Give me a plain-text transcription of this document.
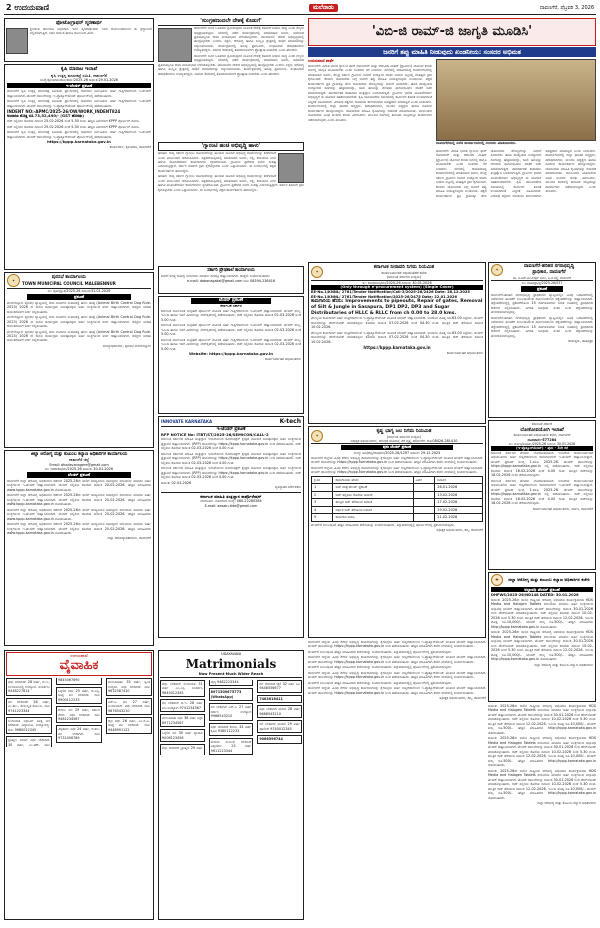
2 ಉದಯವಾಣಿ	ಮಲೆನಾಡು	ದಾವಣಗೆರೆ, ಫೆಬ್ರವರಿ 3, 2026
ಫೋಟೋಗ್ರಾಫರ್‌ ಸ್ಮರಣಾರ್ಥ

ಶ್ರೀಯುತ ಚಿರಂಜೀವಿ ನಿಧನರಾದ ಇವರ ಸ್ಮರಣಾರ್ಥವಾಗಿ ಇವರ ಕುಟುಂಬದವರಿಂದ ಈ ಶ್ರದ್ಧಾಂಜಲಿ ಸಲ್ಲಿಸಲಾಗುತ್ತಿದೆ. ನಿಧನ ದಿನಾಂಕ ಹಾಗೂ ಕುಟುಂಬದ ವಿವರ.

ಕೃಷಿ ಮಾರಾಟ ಇಲಾಖೆ
ಕೃಷಿ ಉತ್ಪನ್ನ ಮಾರುಕಟ್ಟೆ ಸಮಿತಿ, ದಾವಣಗೆರೆ
ಸಂಖ್ಯೆ:ಕೃಉಮಾಸ:ದಾವ:ಕಾಮ:2025-26 ದಿನಾಂಕ:29.01.2026
ಇ-ಟೆಂಡರ್ ಪ್ರಕಟಣೆ

ದಾವಣಗೆರೆ ಕೃಷಿ ಉತ್ಪನ್ನ ಮಾರುಕಟ್ಟೆ ಸಮಿತಿಯ ಪ್ರಾಂಗಣದಲ್ಲಿ ಕಾಮಗಾರಿ ನಿರ್ವಹಿಸಲು ಅರ್ಹ ಗುತ್ತಿಗೆದಾರರಿಂದ ಇ-ಟೆಂಡರ್ ಆಹ್ವಾನಿಸಲಾಗಿದೆ. ಟೆಂಡರ್ ದಾಖಲೆಗಳನ್ನು ಇ-ಪ್ರೊಕ್ಯೂರ್‌ಮೆಂಟ್ ಪೋರ್ಟಲ್‌ನಲ್ಲಿ ಪಡೆಯಬಹುದು.

ದಾವಣಗೆರೆ ಕೃಷಿ ಉತ್ಪನ್ನ ಮಾರುಕಟ್ಟೆ ಸಮಿತಿಯ ಪ್ರಾಂಗಣದಲ್ಲಿ ಕಾಮಗಾರಿ ನಿರ್ವಹಿಸಲು ಅರ್ಹ ಗುತ್ತಿಗೆದಾರರಿಂದ ಇ-ಟೆಂಡರ್ ಆಹ್ವಾನಿಸಲಾಗಿದೆ. ಟೆಂಡರ್ ದಾಖಲೆಗಳನ್ನು ಇ-ಪ್ರೊಕ್ಯೂರ್‌ಮೆಂಟ್ ಪೋರ್ಟಲ್‌ನಲ್ಲಿ ಪಡೆಯಬಹುದು.

INDENT NO:-APMC/2025-26/OW/WORK_INDENT824
ಅಂದಾಜು ಮೊತ್ತ ರೂ.73,52,490/- (GST ಹೊರತು)

ಬಿಡ್ ಸಲ್ಲಿಸಲು ಕೊನೆಯ ದಿನಾಂಕ 25.02.2026 ಸಂಜೆ 5.30 ಗಂಟೆ. ಹೆಚ್ಚಿನ ವಿವರಗಳಿಗೆ KPPP ಪೋರ್ಟಲ್ ನೋಡಿ.

ಬಿಡ್ ಸಲ್ಲಿಸಲು ಕೊನೆಯ ದಿನಾಂಕ 25.02.2026 ಸಂಜೆ 5.30 ಗಂಟೆ. ಹೆಚ್ಚಿನ ವಿವರಗಳಿಗೆ KPPP ಪೋರ್ಟಲ್ ನೋಡಿ.

ದಾವಣಗೆರೆ ಕೃಷಿ ಉತ್ಪನ್ನ ಮಾರುಕಟ್ಟೆ ಸಮಿತಿಯ ಪ್ರಾಂಗಣದಲ್ಲಿ ಕಾಮಗಾರಿ ನಿರ್ವಹಿಸಲು ಅರ್ಹ ಗುತ್ತಿಗೆದಾರರಿಂದ ಇ-ಟೆಂಡರ್ ಆಹ್ವಾನಿಸಲಾಗಿದೆ. ಟೆಂಡರ್ ದಾಖಲೆಗಳನ್ನು ಇ-ಪ್ರೊಕ್ಯೂರ್‌ಮೆಂಟ್ ಪೋರ್ಟಲ್‌ನಲ್ಲಿ ಪಡೆಯಬಹುದು.

https://kppp.karnataka.gov.in
ಕಾರ್ಯದರ್ಶಿ, ಕೃಉಮಾಸ, ದಾವಣಗೆರೆ
✦
ಪುರಸಭೆ ಕಾರ್ಯಾಲಯ
TOWN MUNICIPAL COUNCIL MALEBENNUR
ಸಂ: ಪುಮ/ಪ್ರ.ಕ/2025-26 ದಿನಾಂಕ:31.01.2026
ಪ್ರಕಟಣೆ

ಮಲೇಬೆನ್ನೂರು ಪುರಸಭೆ ವ್ಯಾಪ್ತಿಯಲ್ಲಿ ಬೀದಿ ನಾಯಿಗಳ ಸಂತಾನಶಕ್ತಿ ಹರಣ ಚಿಕಿತ್ಸೆ (Animal Birth Control Dog Rule-2023) 2026 ನೇ ಸಾಲಿನ ಕಾರ್ಯಕ್ರಮ ಅನುಷ್ಠಾನಕ್ಕಾಗಿ ಅರ್ಹ ಸಂಸ್ಥೆಗಳಿಂದ ಅರ್ಜಿ ಆಹ್ವಾನಿಸಲಾಗಿದೆ. ಆಸಕ್ತರು ನಿಗದಿತ ದಿನಾಂಕದೊಳಗೆ ಅರ್ಜಿ ಸಲ್ಲಿಸಬಹುದು.

ಮಲೇಬೆನ್ನೂರು ಪುರಸಭೆ ವ್ಯಾಪ್ತಿಯಲ್ಲಿ ಬೀದಿ ನಾಯಿಗಳ ಸಂತಾನಶಕ್ತಿ ಹರಣ ಚಿಕಿತ್ಸೆ (Animal Birth Control Dog Rule-2023) 2026 ನೇ ಸಾಲಿನ ಕಾರ್ಯಕ್ರಮ ಅನುಷ್ಠಾನಕ್ಕಾಗಿ ಅರ್ಹ ಸಂಸ್ಥೆಗಳಿಂದ ಅರ್ಜಿ ಆಹ್ವಾನಿಸಲಾಗಿದೆ. ಆಸಕ್ತರು ನಿಗದಿತ ದಿನಾಂಕದೊಳಗೆ ಅರ್ಜಿ ಸಲ್ಲಿಸಬಹುದು.

ಮಲೇಬೆನ್ನೂರು ಪುರಸಭೆ ವ್ಯಾಪ್ತಿಯಲ್ಲಿ ಬೀದಿ ನಾಯಿಗಳ ಸಂತಾನಶಕ್ತಿ ಹರಣ ಚಿಕಿತ್ಸೆ (Animal Birth Control Dog Rule-2023) 2026 ನೇ ಸಾಲಿನ ಕಾರ್ಯಕ್ರಮ ಅನುಷ್ಠಾನಕ್ಕಾಗಿ ಅರ್ಹ ಸಂಸ್ಥೆಗಳಿಂದ ಅರ್ಜಿ ಆಹ್ವಾನಿಸಲಾಗಿದೆ. ಆಸಕ್ತರು ನಿಗದಿತ ದಿನಾಂಕದೊಳಗೆ ಅರ್ಜಿ ಸಲ್ಲಿಸಬಹುದು.

ಮುಖ್ಯಾಧಿಕಾರಿಗಳು, ಪುರಸಭೆ ಮಲೇಬೆನ್ನೂರು
ಜಿಲ್ಲಾ ಆರೋಗ್ಯ ಮತ್ತು ಕುಟುಂಬ ಕಲ್ಯಾಣ ಅಧಿಕಾರಿಗಳ ಕಾರ್ಯಾಲಯ
ದಾವಣಗೆರೆ ಜಿಲ್ಲೆ
Email: dhodavanagere@gmail.com
ಸಂ: ಜಿಆಕುಕಅ/ಟೆಂ/2025-26 ದಿನಾಂಕ: 30-01-2026
ಟೆಂಡರ್ ಪ್ರಕಟಣೆ

ದಾವಣಗೆರೆ ಜಿಲ್ಲಾ ಆರೋಗ್ಯ ಅಧಿಕಾರಿಗಳ ಕಚೇರಿಗೆ 2025-26ನೇ ಸಾಲಿಗೆ ಅಗತ್ಯವಿರುವ ಸಾಮಗ್ರಿಗಳ ಸರಬರಾಜು ಮಾಡಲು ಅರ್ಹ ಸಂಸ್ಥೆಗಳಿಂದ ಇ-ಟೆಂಡರ್ ಆಹ್ವಾನಿಸಲಾಗಿದೆ. ಟೆಂಡರ್ ಸಲ್ಲಿಸಲು ಕೊನೆಯ ದಿನಾಂಕ 20-02-2026. ಹೆಚ್ಚಿನ ಮಾಹಿತಿಗಾಗಿ www.kppp.karnataka.gov.in ನೋಡಬಹುದು.

ದಾವಣಗೆರೆ ಜಿಲ್ಲಾ ಆರೋಗ್ಯ ಅಧಿಕಾರಿಗಳ ಕಚೇರಿಗೆ 2025-26ನೇ ಸಾಲಿಗೆ ಅಗತ್ಯವಿರುವ ಸಾಮಗ್ರಿಗಳ ಸರಬರಾಜು ಮಾಡಲು ಅರ್ಹ ಸಂಸ್ಥೆಗಳಿಂದ ಇ-ಟೆಂಡರ್ ಆಹ್ವಾನಿಸಲಾಗಿದೆ. ಟೆಂಡರ್ ಸಲ್ಲಿಸಲು ಕೊನೆಯ ದಿನಾಂಕ 20-02-2026. ಹೆಚ್ಚಿನ ಮಾಹಿತಿಗಾಗಿ www.kppp.karnataka.gov.in ನೋಡಬಹುದು.

ದಾವಣಗೆರೆ ಜಿಲ್ಲಾ ಆರೋಗ್ಯ ಅಧಿಕಾರಿಗಳ ಕಚೇರಿಗೆ 2025-26ನೇ ಸಾಲಿಗೆ ಅಗತ್ಯವಿರುವ ಸಾಮಗ್ರಿಗಳ ಸರಬರಾಜು ಮಾಡಲು ಅರ್ಹ ಸಂಸ್ಥೆಗಳಿಂದ ಇ-ಟೆಂಡರ್ ಆಹ್ವಾನಿಸಲಾಗಿದೆ. ಟೆಂಡರ್ ಸಲ್ಲಿಸಲು ಕೊನೆಯ ದಿನಾಂಕ 20-02-2026. ಹೆಚ್ಚಿನ ಮಾಹಿತಿಗಾಗಿ www.kppp.karnataka.gov.in ನೋಡಬಹುದು.

ದಾವಣಗೆರೆ ಜಿಲ್ಲಾ ಆರೋಗ್ಯ ಅಧಿಕಾರಿಗಳ ಕಚೇರಿಗೆ 2025-26ನೇ ಸಾಲಿಗೆ ಅಗತ್ಯವಿರುವ ಸಾಮಗ್ರಿಗಳ ಸರಬರಾಜು ಮಾಡಲು ಅರ್ಹ ಸಂಸ್ಥೆಗಳಿಂದ ಇ-ಟೆಂಡರ್ ಆಹ್ವಾನಿಸಲಾಗಿದೆ. ಟೆಂಡರ್ ಸಲ್ಲಿಸಲು ಕೊನೆಯ ದಿನಾಂಕ 20-02-2026. ಹೆಚ್ಚಿನ ಮಾಹಿತಿಗಾಗಿ www.kppp.karnataka.gov.in ನೋಡಬಹುದು.

ಜಿಲ್ಲಾ ಆರೋಗ್ಯಾಧಿಕಾರಿಗಳು, ದಾವಣಗೆರೆ
'ಸುಂಗ್ರಹಣಂದಲೇ ದೇಶಕ್ಕೆ ಕೊಡುಗೆ'

ದಾವಣಗೆರೆ: ಜನರ ಒಳಿತಿಗಾಗಿ ಶ್ರಮಿಸುವುದರ ಮೂಲಕ ದೇಶಕ್ಕೆ ಕೊಡುಗೆ ನೀಡಲು ಸಾಧ್ಯ ಎಂದು ಗಣ್ಯರು ಅಭಿಪ್ರಾಯಪಟ್ಟರು. ನಗರದಲ್ಲಿ ನಡೆದ ಕಾರ್ಯಕ್ರಮದಲ್ಲಿ ಮಾತನಾಡಿದ ಅವರು, ಸಮಾಜದ ಪ್ರತಿಯೊಬ್ಬರೂ ಸೇವಾ ಮನೋಭಾವ ಬೆಳೆಸಿಕೊಳ್ಳಬೇಕು. ಯುವಜನರು ದೇಶದ ಅಭಿವೃದ್ಧಿಯಲ್ಲಿ ಪಾಲ್ಗೊಳ್ಳಬೇಕು ಎಂದರು. ಶಿಕ್ಷಣ, ಆರೋಗ್ಯ ಹಾಗೂ ಸಂಸ್ಕೃತಿ ಕ್ಷೇತ್ರದಲ್ಲಿ ಸಾಧನೆ ಮಾಡಿದವರನ್ನು ಸನ್ಮಾನಿಸಲಾಯಿತು. ಕಾರ್ಯಕ್ರಮದಲ್ಲಿ ಹಲವು ಪ್ರಮುಖರು, ಸಂಘಟನೆಯ ಪದಾಧಿಕಾರಿಗಳು ಉಪಸ್ಥಿತರಿದ್ದರು. ಸಮಾಜ ಸೇವೆಯಲ್ಲಿ ತೊಡಗಿರುವವರಿಗೆ ಪ್ರೋತ್ಸಾಹ ನೀಡಬೇಕು ಎಂದು ಹೇಳಿದರು.

ದಾವಣಗೆರೆ: ಜನರ ಒಳಿತಿಗಾಗಿ ಶ್ರಮಿಸುವುದರ ಮೂಲಕ ದೇಶಕ್ಕೆ ಕೊಡುಗೆ ನೀಡಲು ಸಾಧ್ಯ ಎಂದು ಗಣ್ಯರು ಅಭಿಪ್ರಾಯಪಟ್ಟರು. ನಗರದಲ್ಲಿ ನಡೆದ ಕಾರ್ಯಕ್ರಮದಲ್ಲಿ ಮಾತನಾಡಿದ ಅವರು, ಸಮಾಜದ ಪ್ರತಿಯೊಬ್ಬರೂ ಸೇವಾ ಮನೋಭಾವ ಬೆಳೆಸಿಕೊಳ್ಳಬೇಕು. ಯುವಜನರು ದೇಶದ ಅಭಿವೃದ್ಧಿಯಲ್ಲಿ ಪಾಲ್ಗೊಳ್ಳಬೇಕು ಎಂದರು. ಶಿಕ್ಷಣ, ಆರೋಗ್ಯ ಹಾಗೂ ಸಂಸ್ಕೃತಿ ಕ್ಷೇತ್ರದಲ್ಲಿ ಸಾಧನೆ ಮಾಡಿದವರನ್ನು ಸನ್ಮಾನಿಸಲಾಯಿತು. ಕಾರ್ಯಕ್ರಮದಲ್ಲಿ ಹಲವು ಪ್ರಮುಖರು, ಸಂಘಟನೆಯ ಪದಾಧಿಕಾರಿಗಳು ಉಪಸ್ಥಿತರಿದ್ದರು. ಸಮಾಜ ಸೇವೆಯಲ್ಲಿ ತೊಡಗಿರುವವರಿಗೆ ಪ್ರೋತ್ಸಾಹ ನೀಡಬೇಕು ಎಂದು ಹೇಳಿದರು.

'ಗ್ಯಾರಂಟಿ ಹಂಚಿ ಅಭಿವೃದ್ಧಿ ಹಾಳು'

ಹರಿಹರ: ರಾಜ್ಯ ಸರ್ಕಾರ ಗ್ಯಾರಂಟಿ ಯೋಜನೆಗಳನ್ನು ಹಂಚುವ ಮೂಲಕ ಅಭಿವೃದ್ಧಿ ಕಾರ್ಯಗಳನ್ನು ಕಡೆಗಣಿಸಿದೆ ಎಂದು ಮುಖಂಡರು ಆರೋಪಿಸಿದರು. ಪತ್ರಿಕಾಗೋಷ್ಠಿಯಲ್ಲಿ ಮಾತನಾಡಿದ ಅವರು, ರಸ್ತೆ, ಕುಡಿಯುವ ನೀರು ಹಾಗೂ ಮೂಲಸೌಕರ್ಯ ಕಾಮಗಾರಿಗಳು ಸ್ಥಗಿತಗೊಂಡಿವೆ. ಗ್ರಾಮೀಣ ಪ್ರದೇಶದ ಜನರು ಸಂಕಷ್ಟ ಎದುರಿಸುತ್ತಿದ್ದಾರೆ. ಸರ್ಕಾರ ಕೂಡಲೇ ಕ್ರಮ ಕೈಗೊಳ್ಳಬೇಕು ಎಂದು ಒತ್ತಾಯಿಸಿದರು. ಈ ಸಂದರ್ಭದಲ್ಲಿ ಪಕ್ಷದ ಕಾರ್ಯಕರ್ತರು ಹಾಜರಿದ್ದರು.

ಹರಿಹರ: ರಾಜ್ಯ ಸರ್ಕಾರ ಗ್ಯಾರಂಟಿ ಯೋಜನೆಗಳನ್ನು ಹಂಚುವ ಮೂಲಕ ಅಭಿವೃದ್ಧಿ ಕಾರ್ಯಗಳನ್ನು ಕಡೆಗಣಿಸಿದೆ ಎಂದು ಮುಖಂಡರು ಆರೋಪಿಸಿದರು. ಪತ್ರಿಕಾಗೋಷ್ಠಿಯಲ್ಲಿ ಮಾತನಾಡಿದ ಅವರು, ರಸ್ತೆ, ಕುಡಿಯುವ ನೀರು ಹಾಗೂ ಮೂಲಸೌಕರ್ಯ ಕಾಮಗಾರಿಗಳು ಸ್ಥಗಿತಗೊಂಡಿವೆ. ಗ್ರಾಮೀಣ ಪ್ರದೇಶದ ಜನರು ಸಂಕಷ್ಟ ಎದುರಿಸುತ್ತಿದ್ದಾರೆ. ಸರ್ಕಾರ ಕೂಡಲೇ ಕ್ರಮ ಕೈಗೊಳ್ಳಬೇಕು ಎಂದು ಒತ್ತಾಯಿಸಿದರು. ಈ ಸಂದರ್ಭದಲ್ಲಿ ಪಕ್ಷದ ಕಾರ್ಯಕರ್ತರು ಹಾಜರಿದ್ದರು.

ಸರ್ಕಾರಿ ಪ್ರೌಢಶಾಲೆ ಕಾರ್ಯಾಲಯ

ಶಾಲೆಗೆ ಅಗತ್ಯ ಸಾಮಗ್ರಿ ಸರಬರಾಜು ಮಾಡಲು ದರಪಟ್ಟಿ ಆಹ್ವಾನಿಸಲಾಗಿದೆ. ಆಸಕ್ತರು ಸಂಪರ್ಕಿಸಬಹುದು.

e-mail: dabanagaksi@gmail.com ದೂ: 08394-236416
ಟೆಂಡರ್ ಪ್ರಕಟಣೆ
ಕರ್ನಾಟಕ ಸರ್ಕಾರ

ಕರ್ನಾಟಕ ಸಾರ್ವಜನಿಕ ಸಂಗ್ರಹಣೆ ಪೋರ್ಟಲ್ ಮೂಲಕ ಅರ್ಹ ಗುತ್ತಿಗೆದಾರರಿಂದ ಇ-ಟೆಂಡರ್ ಆಹ್ವಾನಿಸಲಾಗಿದೆ. ಟೆಂಡರ್ ಶುಲ್ಕ, ಇಎಂಡಿ ಹಾಗೂ ಇತರೆ ವಿವರಗಳನ್ನು ವೆಬ್‌ಸೈಟ್‌ನಲ್ಲಿ ಪಡೆಯಬಹುದು. ಬಿಡ್ ಸಲ್ಲಿಸಲು ಕೊನೆಯ ದಿನಾಂಕ 02-03-2026 ಸಂಜೆ 5.00 ಗಂಟೆ.

ಕರ್ನಾಟಕ ಸಾರ್ವಜನಿಕ ಸಂಗ್ರಹಣೆ ಪೋರ್ಟಲ್ ಮೂಲಕ ಅರ್ಹ ಗುತ್ತಿಗೆದಾರರಿಂದ ಇ-ಟೆಂಡರ್ ಆಹ್ವಾನಿಸಲಾಗಿದೆ. ಟೆಂಡರ್ ಶುಲ್ಕ, ಇಎಂಡಿ ಹಾಗೂ ಇತರೆ ವಿವರಗಳನ್ನು ವೆಬ್‌ಸೈಟ್‌ನಲ್ಲಿ ಪಡೆಯಬಹುದು. ಬಿಡ್ ಸಲ್ಲಿಸಲು ಕೊನೆಯ ದಿನಾಂಕ 02-03-2026 ಸಂಜೆ 5.00 ಗಂಟೆ.

ಕರ್ನಾಟಕ ಸಾರ್ವಜನಿಕ ಸಂಗ್ರಹಣೆ ಪೋರ್ಟಲ್ ಮೂಲಕ ಅರ್ಹ ಗುತ್ತಿಗೆದಾರರಿಂದ ಇ-ಟೆಂಡರ್ ಆಹ್ವಾನಿಸಲಾಗಿದೆ. ಟೆಂಡರ್ ಶುಲ್ಕ, ಇಎಂಡಿ ಹಾಗೂ ಇತರೆ ವಿವರಗಳನ್ನು ವೆಬ್‌ಸೈಟ್‌ನಲ್ಲಿ ಪಡೆಯಬಹುದು. ಬಿಡ್ ಸಲ್ಲಿಸಲು ಕೊನೆಯ ದಿನಾಂಕ 02-03-2026 ಸಂಜೆ 5.00 ಗಂಟೆ.

Website: https://kppp.karnataka.gov.in
ಕಾರ್ಯನಿರ್ವಾಹಕ ಅಭಿಯಂತರರು
INNOVATE KARNATAKA	K-tech
ಇ-ಟೆಂಡರ್ ಪ್ರಕಟಣೆ
RFP NOTICE No: ITBT/ST/2025-26/SEMICON/CALL-2

ಕರ್ನಾಟಕ ಸರ್ಕಾರದ ಮಾಹಿತಿ ತಂತ್ರಜ್ಞಾನ ಇಲಾಖೆಯಿಂದ ಸೆಮಿಕಂಡಕ್ಟರ್ ಕ್ಷೇತ್ರದ ಯೋಜನೆ ಅನುಷ್ಠಾನಕ್ಕಾಗಿ ಅರ್ಹ ಸಂಸ್ಥೆಗಳಿಂದ ಪ್ರಸ್ತಾವನೆ ಆಹ್ವಾನಿಸಲಾಗಿದೆ. (RFP) ದಾಖಲೆಗಳನ್ನು https://kppp.karnataka.gov.in ನಿಂದ ಪಡೆಯಬಹುದು. ಬಿಡ್ ಸಲ್ಲಿಸಲು ಕೊನೆಯ ದಿನಾಂಕ 02-03-2026 ಸಂಜೆ 4.00 ಗಂಟೆ.

ಕರ್ನಾಟಕ ಸರ್ಕಾರದ ಮಾಹಿತಿ ತಂತ್ರಜ್ಞಾನ ಇಲಾಖೆಯಿಂದ ಸೆಮಿಕಂಡಕ್ಟರ್ ಕ್ಷೇತ್ರದ ಯೋಜನೆ ಅನುಷ್ಠಾನಕ್ಕಾಗಿ ಅರ್ಹ ಸಂಸ್ಥೆಗಳಿಂದ ಪ್ರಸ್ತಾವನೆ ಆಹ್ವಾನಿಸಲಾಗಿದೆ. (RFP) ದಾಖಲೆಗಳನ್ನು https://kppp.karnataka.gov.in ನಿಂದ ಪಡೆಯಬಹುದು. ಬಿಡ್ ಸಲ್ಲಿಸಲು ಕೊನೆಯ ದಿನಾಂಕ 02-03-2026 ಸಂಜೆ 4.00 ಗಂಟೆ.

ಕರ್ನಾಟಕ ಸರ್ಕಾರದ ಮಾಹಿತಿ ತಂತ್ರಜ್ಞಾನ ಇಲಾಖೆಯಿಂದ ಸೆಮಿಕಂಡಕ್ಟರ್ ಕ್ಷೇತ್ರದ ಯೋಜನೆ ಅನುಷ್ಠಾನಕ್ಕಾಗಿ ಅರ್ಹ ಸಂಸ್ಥೆಗಳಿಂದ ಪ್ರಸ್ತಾವನೆ ಆಹ್ವಾನಿಸಲಾಗಿದೆ. (RFP) ದಾಖಲೆಗಳನ್ನು https://kppp.karnataka.gov.in ನಿಂದ ಪಡೆಯಬಹುದು. ಬಿಡ್ ಸಲ್ಲಿಸಲು ಕೊನೆಯ ದಿನಾಂಕ 02-03-2026 ಸಂಜೆ 4.00 ಗಂಟೆ.

ದಿನಾಂಕ: 02-03-2026
ವ್ಯವಸ್ಥಾಪಕ ನಿರ್ದೇಶಕರು
ಕರ್ನಾಟಕ ಮಾಹಿತಿ ತಂತ್ರಜ್ಞಾನ ಕಾರ್ಪೊರೇಷನ್
ಬೆಂಗಳೂರು. ದೂರವಾಣಿ ಸಂಖ್ಯೆ: 080-22280584
E-mail: aesain.ktte@gmail.com
'ವಿಬಿ-ಜಿ ರಾಮ್‌-ಜಿ ಜಾಗೃತಿ ಮೂಡಿಸಿ'
ಜನರಿಗೆ ತಪ್ಪು ಮಾಹಿತಿ ನೀಡುವುದು ಖಂಡನೀಯ: ಸಂಸದರ ಅಭಿಮತ
ದಾವಣಗೆರೆಯಲ್ಲಿ ನಡೆದ ಕಾರ್ಯಾಗಾರದಲ್ಲಿ ಸಂಸದರು ಮಾತನಾಡಿದರು.
ಉದಯವಾಣಿ ವಾರ್ತೆ

ದಾವಣಗೆರೆ: ವಿಕಸಿತ ಭಾರತ ಗ್ಯಾರಂಟಿ ಫಾರ್ ರೋಜಗಾರ್ ಮತ್ತು ಆಜೀವಿಕಾ ಮಿಷನ್ (ಗ್ರಾಮೀಣ) ಯೋಜನೆ ಕುರಿತು ಜನರಲ್ಲಿ ಜಾಗೃತಿ ಮೂಡಿಸಬೇಕು ಎಂದು ಸಂಸದರು ಕರೆ ನೀಡಿದರು. ನಗರದಲ್ಲಿ ಆಯೋಜಿಸಿದ್ದ ಕಾರ್ಯಾಗಾರದಲ್ಲಿ ಮಾತನಾಡಿದ ಅವರು, ಕೇಂದ್ರ ಸರ್ಕಾರ ಗ್ರಾಮೀಣ ಜನರಿಗೆ ಉದ್ಯೋಗ ಖಾತರಿ ನೀಡುವ ನಿಟ್ಟಿನಲ್ಲಿ ಮಹತ್ವದ ಕ್ರಮ ಕೈಗೊಂಡಿದೆ. ಕೆಲವರು ಯೋಜನೆಯ ಬಗ್ಗೆ ಜನರಿಗೆ ತಪ್ಪು ಮಾಹಿತಿ ನೀಡುತ್ತಿರುವುದು ಖಂಡನೀಯ. ಪಕ್ಷದ ಕಾರ್ಯಕರ್ತರು ಪ್ರತಿ ಗ್ರಾಮಕ್ಕೂ ತೆರಳಿ ಯೋಜನೆಯ ಸೌಲಭ್ಯಗಳನ್ನು ಜನರಿಗೆ ತಿಳಿಸಬೇಕು. ಹೊಸ ಕಾಯ್ದೆಯಡಿ ಉದ್ಯೋಗದ ದಿನಗಳನ್ನು ಹೆಚ್ಚಿಸಲಾಗಿದ್ದು, ಕೂಲಿ ಹಣವನ್ನು ನೇರವಾಗಿ ಫಲಾನುಭವಿಗಳ ಖಾತೆಗೆ ಜಮೆ ಮಾಡಲಾಗುತ್ತದೆ. ಪಾರದರ್ಶಕತೆ ಕಾಪಾಡಲು ತಂತ್ರಜ್ಞಾನ ಬಳಸಲಾಗುತ್ತಿದೆ. ಗ್ರಾಮೀಣ ಭಾಗದ ಮೂಲಸೌಕರ್ಯ ಅಭಿವೃದ್ಧಿಗೆ ಈ ಯೋಜನೆ ಸಹಕಾರಿಯಾಗಲಿದೆ. ಕೃಷಿ ಚಟುವಟಿಕೆಗಳ ಸಮಯದಲ್ಲಿ ಕಾರ್ಮಿಕರ ಕೊರತೆ ಉಂಟಾಗದಂತೆ ಎಚ್ಚರಿಕೆ ವಹಿಸಲಾಗಿದೆ. ವಿರೋಧ ಪಕ್ಷಗಳು ರಾಜಕೀಯ ಕಾರಣಗಳಿಗಾಗಿ ಅಪಪ್ರಚಾರ ಮಾಡುತ್ತಿವೆ ಎಂದು ಟೀಕಿಸಿದರು. ಕಾರ್ಯಾಗಾರದಲ್ಲಿ ಜಿಲ್ಲಾ ಘಟಕದ ಅಧ್ಯಕ್ಷರು, ಪದಾಧಿಕಾರಿಗಳು, ಮಂಡಲ ಅಧ್ಯಕ್ಷರು ಹಾಗೂ ನೂರಾರು ಕಾರ್ಯಕರ್ತರು ಪಾಲ್ಗೊಂಡಿದ್ದರು. ಯೋಜನೆಯ ಮಾಹಿತಿ ಕೈಪಿಡಿಗಳನ್ನು ಬಿಡುಗಡೆ ಮಾಡಲಾಯಿತು. ಮುಖಂಡರು ಯೋಜನೆಯ ವಿವಿಧ ಅಂಶಗಳ ಕುರಿತು ವಿವರಿಸಿದರು. ಮುಂದಿನ ದಿನಗಳಲ್ಲಿ ತಾಲೂಕು ಮಟ್ಟದಲ್ಲೂ ಕಾರ್ಯಾಗಾರ ನಡೆಸಲಾಗುವುದು ಎಂದು ತಿಳಿಸಿದರು.

ದಾವಣಗೆರೆ: ವಿಕಸಿತ ಭಾರತ ಗ್ಯಾರಂಟಿ ಫಾರ್ ರೋಜಗಾರ್ ಮತ್ತು ಆಜೀವಿಕಾ ಮಿಷನ್ (ಗ್ರಾಮೀಣ) ಯೋಜನೆ ಕುರಿತು ಜನರಲ್ಲಿ ಜಾಗೃತಿ ಮೂಡಿಸಬೇಕು ಎಂದು ಸಂಸದರು ಕರೆ ನೀಡಿದರು. ನಗರದಲ್ಲಿ ಆಯೋಜಿಸಿದ್ದ ಕಾರ್ಯಾಗಾರದಲ್ಲಿ ಮಾತನಾಡಿದ ಅವರು, ಕೇಂದ್ರ ಸರ್ಕಾರ ಗ್ರಾಮೀಣ ಜನರಿಗೆ ಉದ್ಯೋಗ ಖಾತರಿ ನೀಡುವ ನಿಟ್ಟಿನಲ್ಲಿ ಮಹತ್ವದ ಕ್ರಮ ಕೈಗೊಂಡಿದೆ. ಕೆಲವರು ಯೋಜನೆಯ ಬಗ್ಗೆ ಜನರಿಗೆ ತಪ್ಪು ಮಾಹಿತಿ ನೀಡುತ್ತಿರುವುದು ಖಂಡನೀಯ. ಪಕ್ಷದ ಕಾರ್ಯಕರ್ತರು ಪ್ರತಿ ಗ್ರಾಮಕ್ಕೂ ತೆರಳಿ ಯೋಜನೆಯ ಸೌಲಭ್ಯಗಳನ್ನು ಜನರಿಗೆ ತಿಳಿಸಬೇಕು. ಹೊಸ ಕಾಯ್ದೆಯಡಿ ಉದ್ಯೋಗದ ದಿನಗಳನ್ನು ಹೆಚ್ಚಿಸಲಾಗಿದ್ದು, ಕೂಲಿ ಹಣವನ್ನು ನೇರವಾಗಿ ಫಲಾನುಭವಿಗಳ ಖಾತೆಗೆ ಜಮೆ ಮಾಡಲಾಗುತ್ತದೆ. ಪಾರದರ್ಶಕತೆ ಕಾಪಾಡಲು ತಂತ್ರಜ್ಞಾನ ಬಳಸಲಾಗುತ್ತಿದೆ. ಗ್ರಾಮೀಣ ಭಾಗದ ಮೂಲಸೌಕರ್ಯ ಅಭಿವೃದ್ಧಿಗೆ ಈ ಯೋಜನೆ ಸಹಕಾರಿಯಾಗಲಿದೆ. ಕೃಷಿ ಚಟುವಟಿಕೆಗಳ ಸಮಯದಲ್ಲಿ ಕಾರ್ಮಿಕರ ಕೊರತೆ ಉಂಟಾಗದಂತೆ ಎಚ್ಚರಿಕೆ ವಹಿಸಲಾಗಿದೆ. ವಿರೋಧ ಪಕ್ಷಗಳು ರಾಜಕೀಯ ಕಾರಣಗಳಿಗಾಗಿ ಅಪಪ್ರಚಾರ ಮಾಡುತ್ತಿವೆ ಎಂದು ಟೀಕಿಸಿದರು. ಕಾರ್ಯಾಗಾರದಲ್ಲಿ ಜಿಲ್ಲಾ ಘಟಕದ ಅಧ್ಯಕ್ಷರು, ಪದಾಧಿಕಾರಿಗಳು, ಮಂಡಲ ಅಧ್ಯಕ್ಷರು ಹಾಗೂ ನೂರಾರು ಕಾರ್ಯಕರ್ತರು ಪಾಲ್ಗೊಂಡಿದ್ದರು. ಯೋಜನೆಯ ಮಾಹಿತಿ ಕೈಪಿಡಿಗಳನ್ನು ಬಿಡುಗಡೆ ಮಾಡಲಾಯಿತು. ಮುಖಂಡರು ಯೋಜನೆಯ ವಿವಿಧ ಅಂಶಗಳ ಕುರಿತು ವಿವರಿಸಿದರು. ಮುಂದಿನ ದಿನಗಳಲ್ಲಿ ತಾಲೂಕು ಮಟ್ಟದಲ್ಲೂ ಕಾರ್ಯಾಗಾರ ನಡೆಸಲಾಗುವುದು ಎಂದು ತಿಳಿಸಿದರು.

✦
ಕರ್ನಾಟಕ ನೀರಾವರಿ ನಿಗಮ ನಿಯಮಿತ
ಕಾರ್ಯನಿರ್ವಾಹಕ ಅಭಿಯಂತರರ ಕಛೇರಿ
(ಕರ್ನಾಟಕ ಸರ್ಕಾರದ ಉದ್ಯಮ)
ಸಂ: ಕಾಅ/ಕನೀನಿ/ಟೆಂ/2025-26 ದಿನಾಂಕ: 30.01.2026
(Only through e-procurement system) (Single Cover)
EE-No.1/KNNL/ 2761/Tender Notification/Call-2/2025-26/2426 Date: 28.12.2025
EE-No.1/KNNL/ 2761/Tender Notification/2025-26/2475 Date: 22.01.2026
ಕಾಮಗಾರಿಯ ಹೆಸರು: Improvements to pipeouts, Repair of gates, Removal of Silt & Jungle in Sasapura, DP1 DP2, DP3 and Sugar Distributaries of HLLC & RLLC from ch 0.00 to 28.0 kms.

ಮೇಲ್ಕಂಡ ಕಾಮಗಾರಿಗೆ ಅರ್ಹ ಗುತ್ತಿಗೆದಾರರಿಂದ ಇ-ಪ್ರೊಕ್ಯೂರ್‌ಮೆಂಟ್ ಮೂಲಕ ಟೆಂಡರ್ ಆಹ್ವಾನಿಸಲಾಗಿದೆ. ಅಂದಾಜು ಮೊತ್ತ ರೂ.63.00 ಲಕ್ಷಗಳು. ಟೆಂಡರ್ ದಾಖಲೆಗಳನ್ನು ಡೌನ್‌ಲೋಡ್ ಮಾಡಿಕೊಳ್ಳಲು ಕೊನೆಯ ದಿನಾಂಕ 07.02.2026 ಸಂಜೆ 04.30 ಗಂಟೆ. ತಾಂತ್ರಿಕ ಬಿಡ್ ತೆರೆಯುವ ದಿನಾಂಕ 10.02.2026.

ಮೇಲ್ಕಂಡ ಕಾಮಗಾರಿಗೆ ಅರ್ಹ ಗುತ್ತಿಗೆದಾರರಿಂದ ಇ-ಪ್ರೊಕ್ಯೂರ್‌ಮೆಂಟ್ ಮೂಲಕ ಟೆಂಡರ್ ಆಹ್ವಾನಿಸಲಾಗಿದೆ. ಅಂದಾಜು ಮೊತ್ತ ರೂ.63.00 ಲಕ್ಷಗಳು. ಟೆಂಡರ್ ದಾಖಲೆಗಳನ್ನು ಡೌನ್‌ಲೋಡ್ ಮಾಡಿಕೊಳ್ಳಲು ಕೊನೆಯ ದಿನಾಂಕ 07.02.2026 ಸಂಜೆ 04.30 ಗಂಟೆ. ತಾಂತ್ರಿಕ ಬಿಡ್ ತೆರೆಯುವ ದಿನಾಂಕ 10.02.2026.

https://kppp.karnataka.gov.in
ಕಾರ್ಯನಿರ್ವಾಹಕ ಅಭಿಯಂತರರು
✦
ಕೃಷ್ಣ ಭಾಗ್ಯ ಜಲ ನಿಗಮ ನಿಯಮಿತ
(ಕರ್ನಾಟಕ ಸರ್ಕಾರದ ಉದ್ಯಮ)
ಅಧೀಕ್ಷಕ ಅಭಿಯಂತರರು, ಆರಂಭಿಕ ಯೋಜನೆ, ಕೆರೆ ವೃತ್ತ, ದಾವಣಗೆರೆ. ದೂ:08426-281410
ಪುನಃ ಟೆಂಡರ್ ಪ್ರಕಟಣೆ
ಸಂಖ್ಯೆ: ಅಅ/ಕೆವೃ/ದಾವ/ಟೆಂ/2025-26/1297 ದಿನಾಂಕ: 29.12.2025

ದಾವಣಗೆರೆ ಜಿಲ್ಲೆಯ ವಿವಿಧ ಕೆರೆಗಳ ಅಭಿವೃದ್ಧಿ ಕಾಮಗಾರಿಗಳನ್ನು ಕೈಗೊಳ್ಳಲು ಅರ್ಹ ಗುತ್ತಿಗೆದಾರರಿಂದ ಇ-ಪ್ರೊಕ್ಯೂರ್‌ಮೆಂಟ್ ಮೂಲಕ ಟೆಂಡರ್ ಆಹ್ವಾನಿಸಲಾಗಿದೆ. ಟೆಂಡರ್ ದಾಖಲೆಗಳನ್ನು https://kppp.karnataka.gov.in ನಿಂದ ಪಡೆಯಬಹುದು. ಹೆಚ್ಚಿನ ಮಾಹಿತಿಗಾಗಿ ಕಚೇರಿ ವೇಳೆಯಲ್ಲಿ ಸಂಪರ್ಕಿಸಬಹುದು.

ದಾವಣಗೆರೆ ಜಿಲ್ಲೆಯ ವಿವಿಧ ಕೆರೆಗಳ ಅಭಿವೃದ್ಧಿ ಕಾಮಗಾರಿಗಳನ್ನು ಕೈಗೊಳ್ಳಲು ಅರ್ಹ ಗುತ್ತಿಗೆದಾರರಿಂದ ಇ-ಪ್ರೊಕ್ಯೂರ್‌ಮೆಂಟ್ ಮೂಲಕ ಟೆಂಡರ್ ಆಹ್ವಾನಿಸಲಾಗಿದೆ. ಟೆಂಡರ್ ದಾಖಲೆಗಳನ್ನು https://kppp.karnataka.gov.in ನಿಂದ ಪಡೆಯಬಹುದು. ಹೆಚ್ಚಿನ ಮಾಹಿತಿಗಾಗಿ ಕಚೇರಿ ವೇಳೆಯಲ್ಲಿ ಸಂಪರ್ಕಿಸಬಹುದು.

ಕ್ರ.ಸಂ	ಕಾಮಗಾರಿಯ ಹೆಸರು	ವಿವರ	ದಿನಾಂಕ
1	ಬಿಡ್ ಡಾಕ್ಯುಮೆಂಟ್ ಪ್ರಕಟಣೆ		26.01.2026
2	ಬಿಡ್ ಸಲ್ಲಿಸಲು ಕೊನೆಯ ದಿನಾಂಕ		13.02.2026
3	ತಾಂತ್ರಿಕ ಬಿಡ್ ತೆರೆಯುವ ದಿನಾಂಕ		17.02.2026
4	ಆರ್ಥಿಕ ಬಿಡ್ ತೆರೆಯುವ ದಿನಾಂಕ		19.02.2026
5	ಕಾಮಗಾರಿ ಅವಧಿ		21.02.2026

ಟೆಂಡರ್‌ಗೆ ಸಂಬಂಧಿಸಿದ ಹೆಚ್ಚಿನ ಮಾಹಿತಿಗಾಗಿ ಕಚೇರಿಯನ್ನು ಸಂಪರ್ಕಿಸಬಹುದು. ತಿದ್ದುಪಡಿಗಳಿದ್ದಲ್ಲಿ ಪೋರ್ಟಲ್‌ನಲ್ಲಿ ಪ್ರಕಟಿಸಲಾಗುವುದು.

ಅಧೀಕ್ಷಕ ಅಭಿಯಂತರರು, ಕೆವೃ, ದಾವಣಗೆರೆ
✦
ದಾವಣಗೆರೆ-ಹರಿಹರ ನಗರಾಭಿವೃದ್ಧಿ
ಪ್ರಾಧಿಕಾರ, ದಾವಣಗೆರೆ
ಡಾ. ಬಿ.ಆರ್.ಅಂಬೇಡ್ಕರ್ ಭವನ, ಪಿ.ಬಿ.ರಸ್ತೆ, ದಾವಣಗೆರೆ
ಸಂ: ದಾಹನಪ್ರಾ/ಪ್ರ/2025-26/537
ಪ್ರಕಟಣೆ

ದಾವಣಗೆರೆ-ಹರಿಹರ ನಗರಾಭಿವೃದ್ಧಿ ಪ್ರಾಧಿಕಾರದ ವ್ಯಾಪ್ತಿಯಲ್ಲಿನ ವಿವಿಧ ಬಡಾವಣೆಗಳಲ್ಲಿ ನಿವೇಶನಗಳ ಹಂಚಿಕೆಗೆ ಸಂಬಂಧಿಸಿದಂತೆ ಸಾರ್ವಜನಿಕರಿಂದ ಆಕ್ಷೇಪಣೆಗಳನ್ನು ಆಹ್ವಾನಿಸಲಾಗಿದೆ. ಆಕ್ಷೇಪಣೆಗಳಿದ್ದಲ್ಲಿ ಪ್ರಕಟಣೆಗೊಂಡ 15 ದಿನಗಳೊಳಗಾಗಿ ಲಿಖಿತ ರೂಪದಲ್ಲಿ ಪ್ರಾಧಿಕಾರದ ಕಚೇರಿಗೆ ಸಲ್ಲಿಸಬಹುದು. ನಿಗದಿತ ಅವಧಿಯ ನಂತರ ಬಂದ ಆಕ್ಷೇಪಣೆಗಳನ್ನು ಪರಿಗಣಿಸಲಾಗುವುದಿಲ್ಲ.

ದಾವಣಗೆರೆ-ಹರಿಹರ ನಗರಾಭಿವೃದ್ಧಿ ಪ್ರಾಧಿಕಾರದ ವ್ಯಾಪ್ತಿಯಲ್ಲಿನ ವಿವಿಧ ಬಡಾವಣೆಗಳಲ್ಲಿ ನಿವೇಶನಗಳ ಹಂಚಿಕೆಗೆ ಸಂಬಂಧಿಸಿದಂತೆ ಸಾರ್ವಜನಿಕರಿಂದ ಆಕ್ಷೇಪಣೆಗಳನ್ನು ಆಹ್ವಾನಿಸಲಾಗಿದೆ. ಆಕ್ಷೇಪಣೆಗಳಿದ್ದಲ್ಲಿ ಪ್ರಕಟಣೆಗೊಂಡ 15 ದಿನಗಳೊಳಗಾಗಿ ಲಿಖಿತ ರೂಪದಲ್ಲಿ ಪ್ರಾಧಿಕಾರದ ಕಚೇರಿಗೆ ಸಲ್ಲಿಸಬಹುದು. ನಿಗದಿತ ಅವಧಿಯ ನಂತರ ಬಂದ ಆಕ್ಷೇಪಣೆಗಳನ್ನು ಪರಿಗಣಿಸಲಾಗುವುದಿಲ್ಲ.

ಆಯುಕ್ತರು, ದಾಹನಪ್ರಾ
ಕರ್ನಾಟಕ ಸರ್ಕಾರ
ಲೋಕೋಪಯೋಗಿ ಇಲಾಖೆ
ಕಾರ್ಯನಿರ್ವಾಹಕ ಅಭಿಯಂತರರ ಕಛೇರಿ, ದಾವಣಗೆರೆ
ದೂರವಾಣಿ:-577284
ಸಂ: ಲೋಇ/ಕಾಅ/ಟೆಂ/2025-26 ದಿನಾಂಕ: 30.01.2026
(ಇ-ಪ್ರೊಕ್ಯೂರ್‌ಮೆಂಟ್) - ಪುನಃ - 3ನೇ ಕರೆ

ಕರ್ನಾಟಕ ಸರ್ಕಾರದ ಪರವಾಗಿ ಲೋಕೋಪಯೋಗಿ ಇಲಾಖೆಯ ಕಾರ್ಯನಿರ್ವಾಹಕ ಅಭಿಯಂತರರು ಅರ್ಹ ಗುತ್ತಿಗೆದಾರರಿಂದ ಕಾಮಗಾರಿಗಳಿಗೆ ಇ-ಟೆಂಡರ್ ಆಹ್ವಾನಿಸಿರುತ್ತಾರೆ. ಟೆಂಡರ್ ಪ್ರಕಟಣೆ ಸಂಖ್ಯೆ 1-ಕೆಪಿಪಿ 2025-26. ಟೆಂಡರ್ ದಾಖಲೆಗಳನ್ನು https://kppp.karnataka.gov.in ನಲ್ಲಿ ಪಡೆಯಬಹುದು. ಬಿಡ್ ಸಲ್ಲಿಸಲು ಕೊನೆಯ ದಿನಾಂಕ 16.02.2026 ಸಂಜೆ 4.00 ಗಂಟೆ. ತಾಂತ್ರಿಕ ಬಿಡ್‌ಗಳನ್ನು 18.02.2026 ರಂದು ತೆರೆಯಲಾಗುವುದು.

ಕರ್ನಾಟಕ ಸರ್ಕಾರದ ಪರವಾಗಿ ಲೋಕೋಪಯೋಗಿ ಇಲಾಖೆಯ ಕಾರ್ಯನಿರ್ವಾಹಕ ಅಭಿಯಂತರರು ಅರ್ಹ ಗುತ್ತಿಗೆದಾರರಿಂದ ಕಾಮಗಾರಿಗಳಿಗೆ ಇ-ಟೆಂಡರ್ ಆಹ್ವಾನಿಸಿರುತ್ತಾರೆ. ಟೆಂಡರ್ ಪ್ರಕಟಣೆ ಸಂಖ್ಯೆ 1-ಕೆಪಿಪಿ 2025-26. ಟೆಂಡರ್ ದಾಖಲೆಗಳನ್ನು https://kppp.karnataka.gov.in ನಲ್ಲಿ ಪಡೆಯಬಹುದು. ಬಿಡ್ ಸಲ್ಲಿಸಲು ಕೊನೆಯ ದಿನಾಂಕ 16.02.2026 ಸಂಜೆ 4.00 ಗಂಟೆ. ತಾಂತ್ರಿಕ ಬಿಡ್‌ಗಳನ್ನು 18.02.2026 ರಂದು ತೆರೆಯಲಾಗುವುದು.

ಕಾರ್ಯನಿರ್ವಾಹಕ ಅಭಿಯಂತರರು, ಲೋಇ, ದಾವಣಗೆರೆ
✚	ಜಿಲ್ಲಾ ಆರೋಗ್ಯ ಮತ್ತು ಕುಟುಂಬ ಕಲ್ಯಾಣ ಅಧಿಕಾರಿಗಳ ಕಚೇರಿ
ಅಲ್ಪಾವಧಿ ಟೆಂಡರ್ ಪ್ರಕಟಣೆ
DHFWS/2025-26/ND148 DATED: 30.01.2026

ದಿನಾಂಕ: 2025-26ನೇ ಸಾಲಿನ ರಾಷ್ಟ್ರೀಯ ಆರೋಗ್ಯ ಅಭಿಯಾನ ಕಾರ್ಯಕ್ರಮದಡಿ HDS Media and Halogen Tablets ಸರಬರಾಜು ಮಾಡಲು ಅರ್ಹ ಸಂಸ್ಥೆಗಳಿಂದ ಅಲ್ಪಾವಧಿ ಟೆಂಡರ್ ಆಹ್ವಾನಿಸಲಾಗಿದೆ. ಟೆಂಡರ್ ದಾಖಲೆಗಳನ್ನು ದಿನಾಂಕ 30-01-2026 ರಿಂದ ಡೌನ್‌ಲೋಡ್ ಮಾಡಿಕೊಳ್ಳಬಹುದು. ಬಿಡ್ ಸಲ್ಲಿಸಲು ಕೊನೆಯ ದಿನಾಂಕ 10-02-2026 ಸಂಜೆ 5.30 ಗಂಟೆ. ತಾಂತ್ರಿಕ ಬಿಡ್ ತೆರೆಯುವ ದಿನಾಂಕ 12-02-2026. ಇಎಂಡಿ ಮೊತ್ತ ರೂ.10,000/-. ಟೆಂಡರ್ ಶುಲ್ಕ ರೂ.500/-. ಹೆಚ್ಚಿನ ಮಾಹಿತಿಗಾಗಿ http://kppp.karnataka.gov.in ನೋಡಬಹುದು.

ದಿನಾಂಕ: 2025-26ನೇ ಸಾಲಿನ ರಾಷ್ಟ್ರೀಯ ಆರೋಗ್ಯ ಅಭಿಯಾನ ಕಾರ್ಯಕ್ರಮದಡಿ HDS Media and Halogen Tablets ಸರಬರಾಜು ಮಾಡಲು ಅರ್ಹ ಸಂಸ್ಥೆಗಳಿಂದ ಅಲ್ಪಾವಧಿ ಟೆಂಡರ್ ಆಹ್ವಾನಿಸಲಾಗಿದೆ. ಟೆಂಡರ್ ದಾಖಲೆಗಳನ್ನು ದಿನಾಂಕ 30-01-2026 ರಿಂದ ಡೌನ್‌ಲೋಡ್ ಮಾಡಿಕೊಳ್ಳಬಹುದು. ಬಿಡ್ ಸಲ್ಲಿಸಲು ಕೊನೆಯ ದಿನಾಂಕ 10-02-2026 ಸಂಜೆ 5.30 ಗಂಟೆ. ತಾಂತ್ರಿಕ ಬಿಡ್ ತೆರೆಯುವ ದಿನಾಂಕ 12-02-2026. ಇಎಂಡಿ ಮೊತ್ತ ರೂ.10,000/-. ಟೆಂಡರ್ ಶುಲ್ಕ ರೂ.500/-. ಹೆಚ್ಚಿನ ಮಾಹಿತಿಗಾಗಿ http://kppp.karnataka.gov.in ನೋಡಬಹುದು.

ಜಿಲ್ಲಾ ಆರೋಗ್ಯ ಮತ್ತು ಕುಟುಂಬ ಕಲ್ಯಾಣ ಅಧಿಕಾರಿಗಳು
ಉದಯವಾಣಿ
ವೈವಾಹಿಕ

ವಧು ಬೇಕಾಗಿದೆ: 28 ವರ್ಷ, ಬಿ.ಇ., ಬೆಂಗಳೂರಿನಲ್ಲಿ ಉದ್ಯೋಗ. ಸಂಪರ್ಕಿಸಿ: 9448227814

ವರ ಬೇಕಾಗಿದೆ: 26 ವರ್ಷ, ಎಂ.ಕಾಂ., ಸುಸಂಸ್ಕೃತ ಕುಟುಂಬ. ದೂ: 9741223344

ಲಿಂಗಾಯತ ವಧುವಿಗೆ ಸೂಕ್ತ ವರ ಬೇಕಾಗಿದೆ. ವಿದ್ಯಾವಂತ, ಉದ್ಯೋಗಸ್ಥ. ದೂ: 9980012345

ಬ್ರಾಹ್ಮಣ ವರನಿಗೆ ವಧು ಬೇಕಾಗಿದೆ. 30 ವರ್ಷ, ಎಂ.ಟೆಕ್. ದೂ: 9845067890

ಒಕ್ಕಲಿಗ ವಧು 25 ವರ್ಷ, ಬಿ.ಎಸ್ಸಿ. ಸೂಕ್ತ ವರ ಬೇಕಾಗಿದೆ. ದೂ: 9900112233

ಕುರುಬ ವರ 29 ವರ್ಷ, ಸರ್ಕಾರಿ ನೌಕರ. ವಧು ಬೇಕಾಗಿದೆ. ದೂ: 9481234567

ವಿಶ್ವಕರ್ಮ ವಧು 24 ವರ್ಷ, ಬಿ.ಕಾಂ. ವರ ಬೇಕಾಗಿದೆ. ದೂ: 9731456789

ಮರುವಿವಾಹ: 35 ವರ್ಷ, ಸ್ವಂತ ಉದ್ಯಮ. ವಧು ಬೇಕಾಗಿದೆ. ದೂ: 9632587410

ಎಸ್.ಸಿ. ವರ 27 ವರ್ಷ, ಎಂಜಿನಿಯರ್. ವಧು ಬೇಕಾಗಿದೆ. ದೂ: 9876543210

ಜೈನ ವಧು 26 ವರ್ಷ, ಎಂ.ಬಿ.ಎ. ಸೂಕ್ತ ವರ ಬೇಕಾಗಿದೆ. ದೂ: 9448991122

UDAYAVANI
Matrimonials
Now Present Much Wider Reach

ವಧು ಬೇಕಾಗಿದೆ ಲಿಂಗಾಯತ 31 ವರ್ಷ ಎಂ.ಎಸ್ಸಿ ಸಂಪರ್ಕಿಸಿ 9845012345

ವರ ಬೇಕಾಗಿದೆ ಬಿ.ಇ. 28 ವರ್ಷ ಐಟಿ ಉದ್ಯೋಗ 9741234567

ಮರುವಿವಾಹ ವಧು 36 ವರ್ಷ ಶಿಕ್ಷಕಿ 8971234567

ಒಕ್ಕಲಿಗ ವರ 30 ವರ್ಷ ವ್ಯಾಪಾರ 9008123456

ವಧು ಬೇಕಾಗಿದೆ ಬ್ರಾಹ್ಮಣ 29 ವರ್ಷ ವೈದ್ಯ 9482223344

8971509675773 (WhatsApp)

ವರ ಬೇಕಾಗಿದೆ ಎಸ್.ಸಿ. 27 ವರ್ಷ ಸರ್ಕಾರಿ ಉದ್ಯೋಗ 9986543210

ವಧು ಬೇಕಾಗಿದೆ ಕುರುಬ 33 ವರ್ಷ ಕೃಷಿಕ 9380112233

ಮದುವೆ ಸಂಬಂಧ ಬೇಕಾಗಿದೆ ವಿಶ್ವಕರ್ಮ 25 ವರ್ಷ 9611223344

ವರ ಬೇಕಾಗಿದೆ ಜೈನ 32 ವರ್ಷ ಸಿಎ 9448556677

7483616411

ವಧು ಬೇಕಾಗಿದೆ ಮರಾಠ 28 ವರ್ಷ 9686543210

ವರ ಬೇಕಾಗಿದೆ ನಾಯಕ 29 ವರ್ಷ ಪೊಲೀಸ್ 9740012345

9066596744

ದಾವಣಗೆರೆ ಜಿಲ್ಲೆಯ ವಿವಿಧ ಕೆರೆಗಳ ಅಭಿವೃದ್ಧಿ ಕಾಮಗಾರಿಗಳನ್ನು ಕೈಗೊಳ್ಳಲು ಅರ್ಹ ಗುತ್ತಿಗೆದಾರರಿಂದ ಇ-ಪ್ರೊಕ್ಯೂರ್‌ಮೆಂಟ್ ಮೂಲಕ ಟೆಂಡರ್ ಆಹ್ವಾನಿಸಲಾಗಿದೆ. ಟೆಂಡರ್ ದಾಖಲೆಗಳನ್ನು https://kppp.karnataka.gov.in ನಿಂದ ಪಡೆಯಬಹುದು. ಹೆಚ್ಚಿನ ಮಾಹಿತಿಗಾಗಿ ಕಚೇರಿ ವೇಳೆಯಲ್ಲಿ ಸಂಪರ್ಕಿಸಬಹುದು.

ಟೆಂಡರ್‌ಗೆ ಸಂಬಂಧಿಸಿದ ಹೆಚ್ಚಿನ ಮಾಹಿತಿಗಾಗಿ ಕಚೇರಿಯನ್ನು ಸಂಪರ್ಕಿಸಬಹುದು. ತಿದ್ದುಪಡಿಗಳಿದ್ದಲ್ಲಿ ಪೋರ್ಟಲ್‌ನಲ್ಲಿ ಪ್ರಕಟಿಸಲಾಗುವುದು.

ದಾವಣಗೆರೆ ಜಿಲ್ಲೆಯ ವಿವಿಧ ಕೆರೆಗಳ ಅಭಿವೃದ್ಧಿ ಕಾಮಗಾರಿಗಳನ್ನು ಕೈಗೊಳ್ಳಲು ಅರ್ಹ ಗುತ್ತಿಗೆದಾರರಿಂದ ಇ-ಪ್ರೊಕ್ಯೂರ್‌ಮೆಂಟ್ ಮೂಲಕ ಟೆಂಡರ್ ಆಹ್ವಾನಿಸಲಾಗಿದೆ. ಟೆಂಡರ್ ದಾಖಲೆಗಳನ್ನು https://kppp.karnataka.gov.in ನಿಂದ ಪಡೆಯಬಹುದು. ಹೆಚ್ಚಿನ ಮಾಹಿತಿಗಾಗಿ ಕಚೇರಿ ವೇಳೆಯಲ್ಲಿ ಸಂಪರ್ಕಿಸಬಹುದು.

ಟೆಂಡರ್‌ಗೆ ಸಂಬಂಧಿಸಿದ ಹೆಚ್ಚಿನ ಮಾಹಿತಿಗಾಗಿ ಕಚೇರಿಯನ್ನು ಸಂಪರ್ಕಿಸಬಹುದು. ತಿದ್ದುಪಡಿಗಳಿದ್ದಲ್ಲಿ ಪೋರ್ಟಲ್‌ನಲ್ಲಿ ಪ್ರಕಟಿಸಲಾಗುವುದು.

ದಾವಣಗೆರೆ ಜಿಲ್ಲೆಯ ವಿವಿಧ ಕೆರೆಗಳ ಅಭಿವೃದ್ಧಿ ಕಾಮಗಾರಿಗಳನ್ನು ಕೈಗೊಳ್ಳಲು ಅರ್ಹ ಗುತ್ತಿಗೆದಾರರಿಂದ ಇ-ಪ್ರೊಕ್ಯೂರ್‌ಮೆಂಟ್ ಮೂಲಕ ಟೆಂಡರ್ ಆಹ್ವಾನಿಸಲಾಗಿದೆ. ಟೆಂಡರ್ ದಾಖಲೆಗಳನ್ನು https://kppp.karnataka.gov.in ನಿಂದ ಪಡೆಯಬಹುದು. ಹೆಚ್ಚಿನ ಮಾಹಿತಿಗಾಗಿ ಕಚೇರಿ ವೇಳೆಯಲ್ಲಿ ಸಂಪರ್ಕಿಸಬಹುದು.

ಟೆಂಡರ್‌ಗೆ ಸಂಬಂಧಿಸಿದ ಹೆಚ್ಚಿನ ಮಾಹಿತಿಗಾಗಿ ಕಚೇರಿಯನ್ನು ಸಂಪರ್ಕಿಸಬಹುದು. ತಿದ್ದುಪಡಿಗಳಿದ್ದಲ್ಲಿ ಪೋರ್ಟಲ್‌ನಲ್ಲಿ ಪ್ರಕಟಿಸಲಾಗುವುದು.

ದಾವಣಗೆರೆ ಜಿಲ್ಲೆಯ ವಿವಿಧ ಕೆರೆಗಳ ಅಭಿವೃದ್ಧಿ ಕಾಮಗಾರಿಗಳನ್ನು ಕೈಗೊಳ್ಳಲು ಅರ್ಹ ಗುತ್ತಿಗೆದಾರರಿಂದ ಇ-ಪ್ರೊಕ್ಯೂರ್‌ಮೆಂಟ್ ಮೂಲಕ ಟೆಂಡರ್ ಆಹ್ವಾನಿಸಲಾಗಿದೆ. ಟೆಂಡರ್ ದಾಖಲೆಗಳನ್ನು https://kppp.karnataka.gov.in ನಿಂದ ಪಡೆಯಬಹುದು. ಹೆಚ್ಚಿನ ಮಾಹಿತಿಗಾಗಿ ಕಚೇರಿ ವೇಳೆಯಲ್ಲಿ ಸಂಪರ್ಕಿಸಬಹುದು.

ಅಧೀಕ್ಷಕ ಅಭಿಯಂತರರು, ಕೆವೃ, ದಾವಣಗೆರೆ

ದಿನಾಂಕ: 2025-26ನೇ ಸಾಲಿನ ರಾಷ್ಟ್ರೀಯ ಆರೋಗ್ಯ ಅಭಿಯಾನ ಕಾರ್ಯಕ್ರಮದಡಿ HDS Media and Halogen Tablets ಸರಬರಾಜು ಮಾಡಲು ಅರ್ಹ ಸಂಸ್ಥೆಗಳಿಂದ ಅಲ್ಪಾವಧಿ ಟೆಂಡರ್ ಆಹ್ವಾನಿಸಲಾಗಿದೆ. ಟೆಂಡರ್ ದಾಖಲೆಗಳನ್ನು ದಿನಾಂಕ 30-01-2026 ರಿಂದ ಡೌನ್‌ಲೋಡ್ ಮಾಡಿಕೊಳ್ಳಬಹುದು. ಬಿಡ್ ಸಲ್ಲಿಸಲು ಕೊನೆಯ ದಿನಾಂಕ 10-02-2026 ಸಂಜೆ 5.30 ಗಂಟೆ. ತಾಂತ್ರಿಕ ಬಿಡ್ ತೆರೆಯುವ ದಿನಾಂಕ 12-02-2026. ಇಎಂಡಿ ಮೊತ್ತ ರೂ.10,000/-. ಟೆಂಡರ್ ಶುಲ್ಕ ರೂ.500/-. ಹೆಚ್ಚಿನ ಮಾಹಿತಿಗಾಗಿ http://kppp.karnataka.gov.in ನೋಡಬಹುದು.

ದಿನಾಂಕ: 2025-26ನೇ ಸಾಲಿನ ರಾಷ್ಟ್ರೀಯ ಆರೋಗ್ಯ ಅಭಿಯಾನ ಕಾರ್ಯಕ್ರಮದಡಿ HDS Media and Halogen Tablets ಸರಬರಾಜು ಮಾಡಲು ಅರ್ಹ ಸಂಸ್ಥೆಗಳಿಂದ ಅಲ್ಪಾವಧಿ ಟೆಂಡರ್ ಆಹ್ವಾನಿಸಲಾಗಿದೆ. ಟೆಂಡರ್ ದಾಖಲೆಗಳನ್ನು ದಿನಾಂಕ 30-01-2026 ರಿಂದ ಡೌನ್‌ಲೋಡ್ ಮಾಡಿಕೊಳ್ಳಬಹುದು. ಬಿಡ್ ಸಲ್ಲಿಸಲು ಕೊನೆಯ ದಿನಾಂಕ 10-02-2026 ಸಂಜೆ 5.30 ಗಂಟೆ. ತಾಂತ್ರಿಕ ಬಿಡ್ ತೆರೆಯುವ ದಿನಾಂಕ 12-02-2026. ಇಎಂಡಿ ಮೊತ್ತ ರೂ.10,000/-. ಟೆಂಡರ್ ಶುಲ್ಕ ರೂ.500/-. ಹೆಚ್ಚಿನ ಮಾಹಿತಿಗಾಗಿ http://kppp.karnataka.gov.in ನೋಡಬಹುದು.

ದಿನಾಂಕ: 2025-26ನೇ ಸಾಲಿನ ರಾಷ್ಟ್ರೀಯ ಆರೋಗ್ಯ ಅಭಿಯಾನ ಕಾರ್ಯಕ್ರಮದಡಿ HDS Media and Halogen Tablets ಸರಬರಾಜು ಮಾಡಲು ಅರ್ಹ ಸಂಸ್ಥೆಗಳಿಂದ ಅಲ್ಪಾವಧಿ ಟೆಂಡರ್ ಆಹ್ವಾನಿಸಲಾಗಿದೆ. ಟೆಂಡರ್ ದಾಖಲೆಗಳನ್ನು ದಿನಾಂಕ 30-01-2026 ರಿಂದ ಡೌನ್‌ಲೋಡ್ ಮಾಡಿಕೊಳ್ಳಬಹುದು. ಬಿಡ್ ಸಲ್ಲಿಸಲು ಕೊನೆಯ ದಿನಾಂಕ 10-02-2026 ಸಂಜೆ 5.30 ಗಂಟೆ. ತಾಂತ್ರಿಕ ಬಿಡ್ ತೆರೆಯುವ ದಿನಾಂಕ 12-02-2026. ಇಎಂಡಿ ಮೊತ್ತ ರೂ.10,000/-. ಟೆಂಡರ್ ಶುಲ್ಕ ರೂ.500/-. ಹೆಚ್ಚಿನ ಮಾಹಿತಿಗಾಗಿ http://kppp.karnataka.gov.in ನೋಡಬಹುದು.

ಜಿಲ್ಲಾ ಆರೋಗ್ಯ ಮತ್ತು ಕುಟುಂಬ ಕಲ್ಯಾಣ ಅಧಿಕಾರಿಗಳು
